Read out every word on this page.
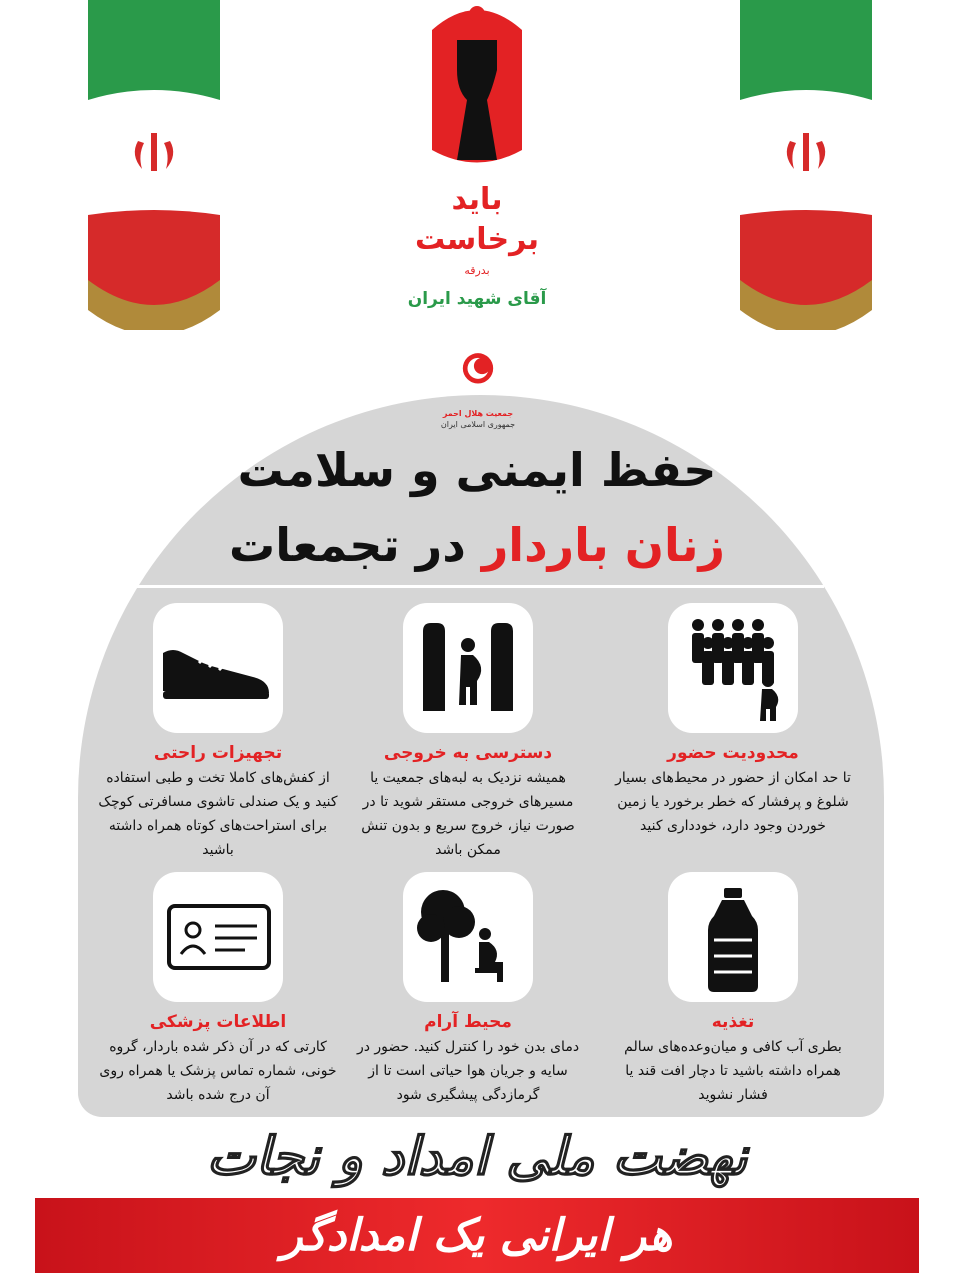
باید برخاست
بدرقه
آقای شهید ایران
جمعیت هلال احمر
جمهوری اسلامی ایران
حفظ ایمنی و سلامت
زنان باردار در تجمعات
محدودیت حضور
تا حد امکان از حضور در محیط‌های بسیار شلوغ و پرفشار که خطر برخورد یا زمین خوردن وجود دارد، خودداری کنید
دسترسی به خروجی
همیشه نزدیک به لبه‌های جمعیت یا مسیرهای خروجی مستقر شوید تا در صورت نیاز، خروج سریع و بدون تنش ممکن باشد
تجهیزات راحتی
از کفش‌های کاملا تخت و طبی استفاده کنید و یک صندلی تاشوی مسافرتی کوچک برای استراحت‌های کوتاه همراه داشته باشید
تغذیه
بطری آب کافی و میان‌وعده‌های سالم همراه داشته باشید تا دچار افت قند یا فشار نشوید
محیط آرام
دمای بدن خود را کنترل کنید. حضور در سایه و جریان هوا حیاتی است تا از گرمازدگی پیشگیری شود
اطلاعات پزشکی
کارتی که در آن ذکر شده باردار، گروه خونی، شماره تماس پزشک یا همراه روی آن درج شده باشد
نهضت ملی امداد و نجات
هر ایرانی یک امدادگر
